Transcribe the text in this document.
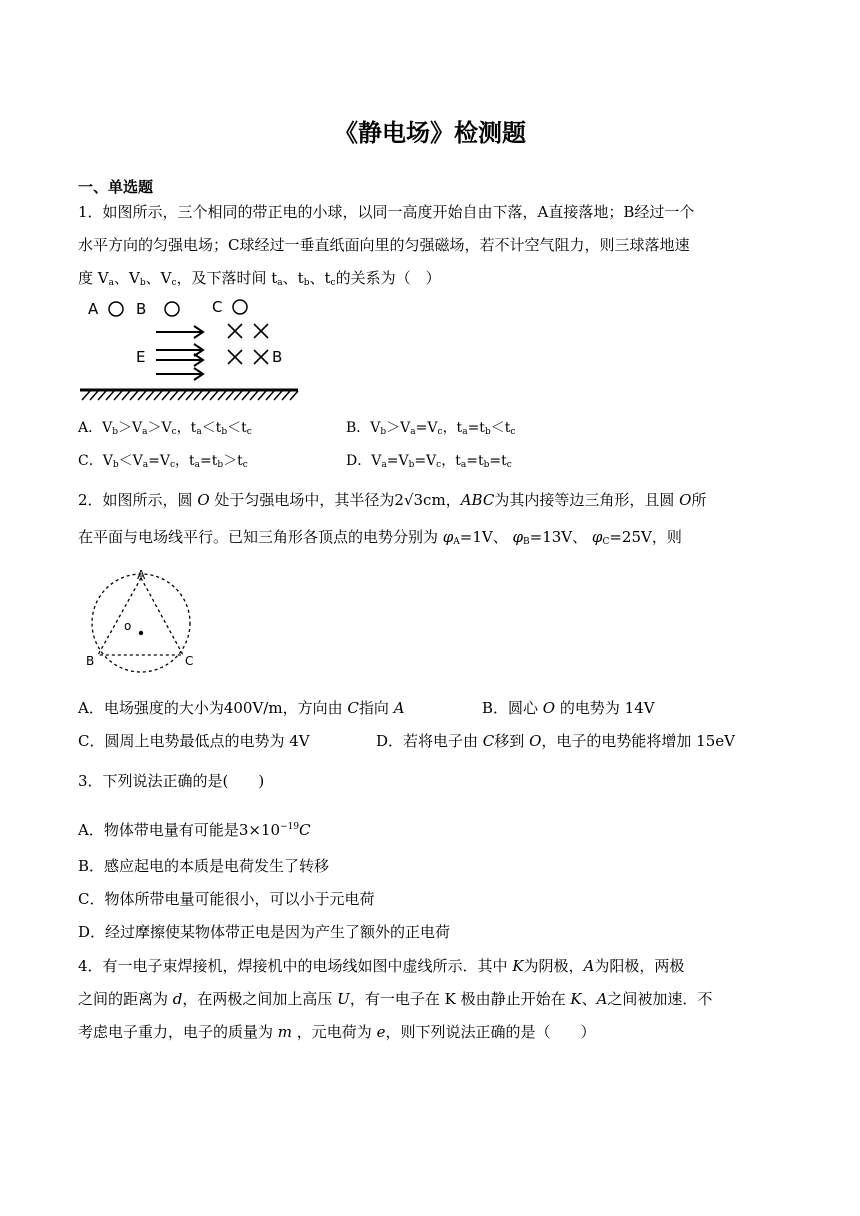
《静电场》检测题
一、单选题
1．如图所示，三个相同的带正电的小球，以同一高度开始自由下落，A直接落地；B经过一个
水平方向的匀强电场；C球经过一垂直纸面向里的匀强磁场，若不计空气阻力，则三球落地速
度 $V_a$、$V_b$、$V_c$，及下落时间 $t_a$、$t_b$、$t_c$的关系为（　）
A	B	C
E	B
A．$V_b>V_a>V_c$，$t_a<t_b<t_c$	B．$V_b>V_a=V_c$，$t_a=t_b<t_c$
C．$V_b<V_a=V_c$，$t_a=t_b>t_c$	D．$V_a=V_b=V_c$，$t_a=t_b=t_c$
2．如图所示，圆 O 处于匀强电场中，其半径为2√3cm，ABC为其内接等边三角形，且圆 O所
在平面与电场线平行。已知三角形各顶点的电势分别为 $\varphi_A=1V$、 $\varphi_B=13V$、 $\varphi_C=25V$，则
A
B	C
o
A．电场强度的大小为400V/m，方向由 C指向 A	B．圆心 O 的电势为 14V
C．圆周上电势最低点的电势为 4V	D．若将电子由 C移到 O，电子的电势能将增加 15eV
3．下列说法正确的是(　　)
A．物体带电量有可能是$3\times 10^{-19}C$
B．感应起电的本质是电荷发生了转移
C．物体所带电量可能很小，可以小于元电荷
D．经过摩擦使某物体带正电是因为产生了额外的正电荷
4．有一电子束焊接机，焊接机中的电场线如图中虚线所示．其中 K为阴极，A为阳极，两极
之间的距离为 d，在两极之间加上高压 U，有一电子在 K 极由静止开始在 K、A之间被加速．不
考虑电子重力，电子的质量为 m ，元电荷为 e，则下列说法正确的是（　　）
